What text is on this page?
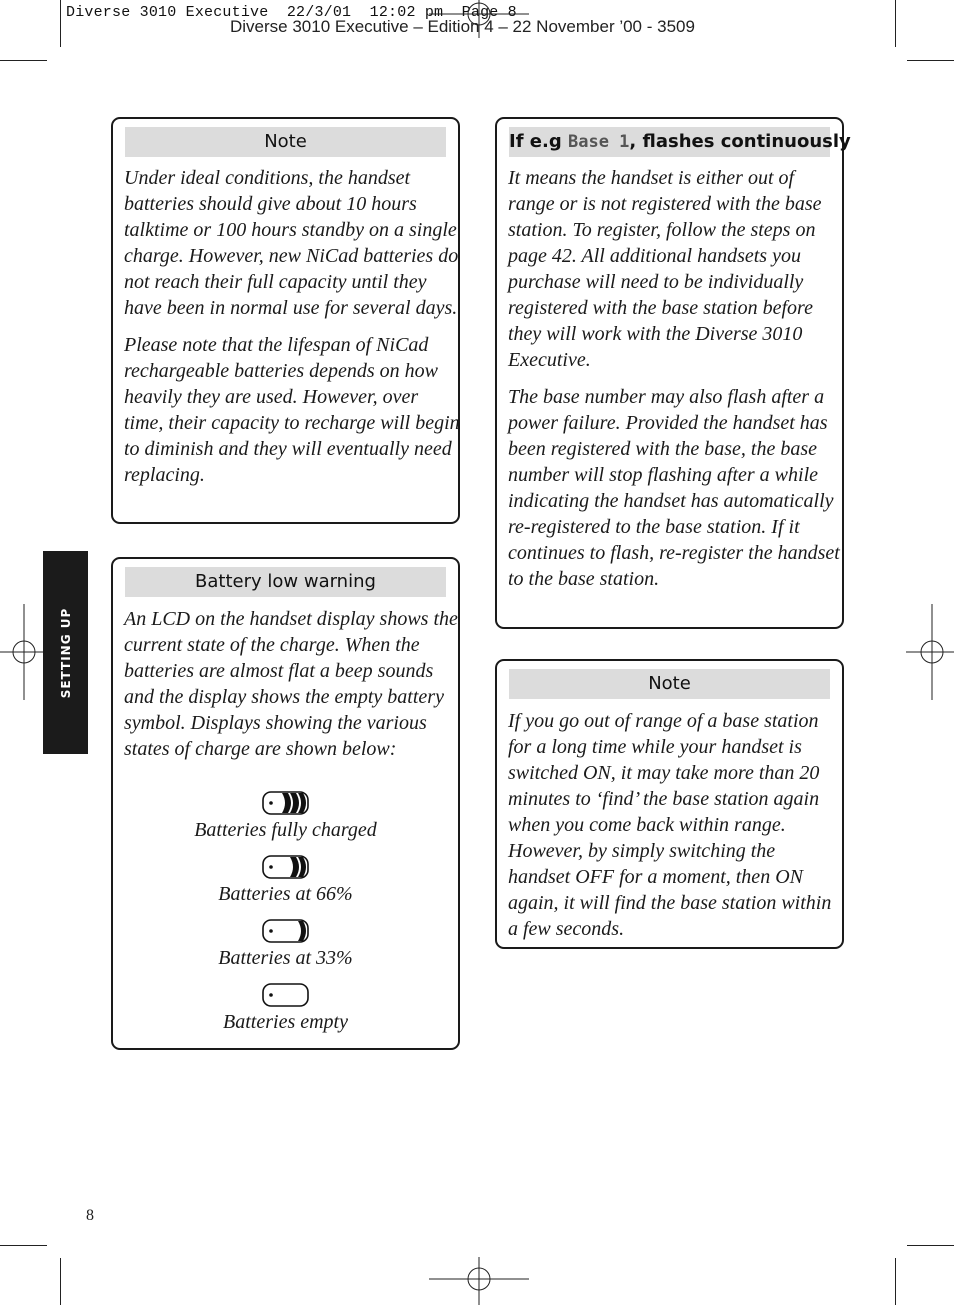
Diverse 3010 Executive  22/3/01  12:02 pm  Page 8
Diverse 3010 Executive – Edition 4 – 22 November ’00 - 3509
SETTING UP
Note

Under ideal conditions, the handset batteries should give about 10 hours talktime or 100 hours standby on a single charge. However, new NiCad batteries do not reach their full capacity until they have been in normal use for several days.

Please note that the lifespan of NiCad rechargeable batteries depends on how heavily they are used. However, over time, their capacity to recharge will begin to diminish and they will eventually need replacing.

Battery low warning
An LCD on the handset display shows the current state of the charge. When the batteries are almost flat a beep sounds and the display shows the empty battery symbol. Displays showing the various states of charge are shown below:
Batteries fully charged
Batteries at 66%
Batteries at 33%
Batteries empty
If e.g Base 1, flashes continuously

It means the handset is either out of range or is not registered with the base station. To register, follow the steps on page 42. All additional handsets you purchase will need to be individually registered with the base station before they will work with the Diverse 3010 Executive.

The base number may also flash after a power failure. Provided the handset has been registered with the base, the base number will stop flashing after a while indicating the handset has automatically re-registered to the base station. If it continues to flash, re-register the handset to the base station.

Note

If you go out of range of a base station for a long time while your handset is switched ON, it may take more than 20 minutes to ‘find’ the base station again when you come back within range. However, by simply switching the handset OFF for a moment, then ON again, it will find the base station within a few seconds.

8
